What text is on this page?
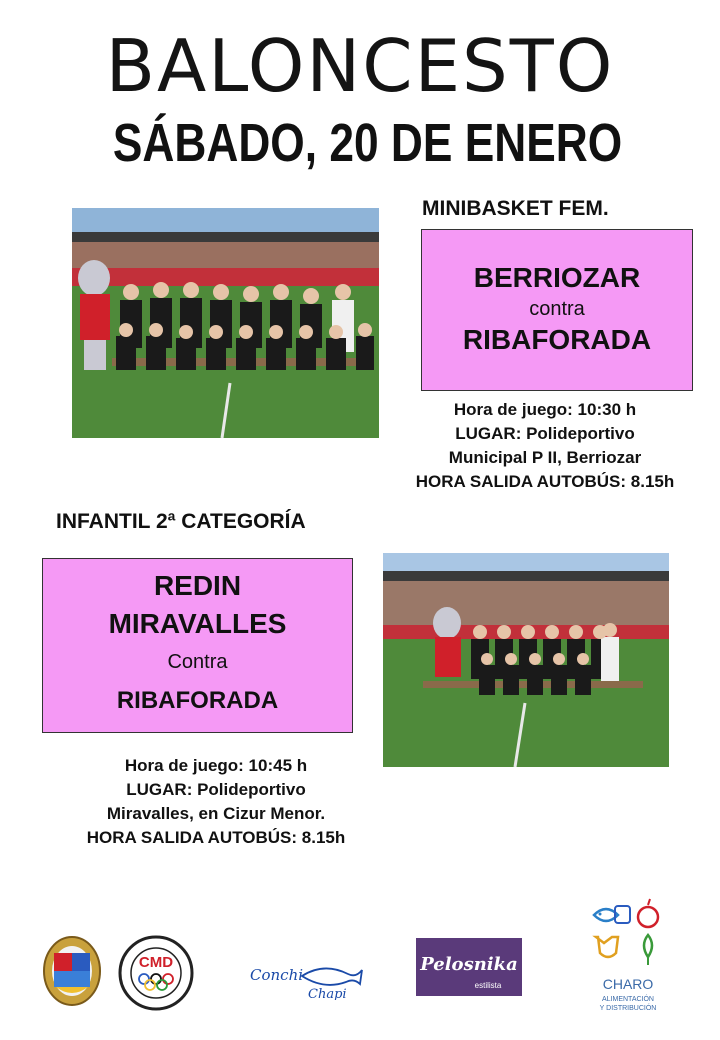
BALONCESTO
SÁBADO, 20 DE ENERO
MINIBASKET FEM.
BERRIOZAR
contra
RIBAFORADA
Hora de juego: 10:30 h
LUGAR: Polideportivo
Municipal P II, Berriozar
HORA SALIDA AUTOBÚS: 8.15h
INFANTIL 2ª CATEGORÍA
REDIN
MIRAVALLES
Contra
RIBAFORADA
Hora de juego: 10:45 h
LUGAR: Polideportivo
Miravalles, en Cizur Menor.
HORA SALIDA AUTOBÚS: 8.15h
CMD
Conchi
Chapi
Pelosnika
estilista	CHARO
ALIMENTACIÓN
Y DISTRIBUCIÓN
